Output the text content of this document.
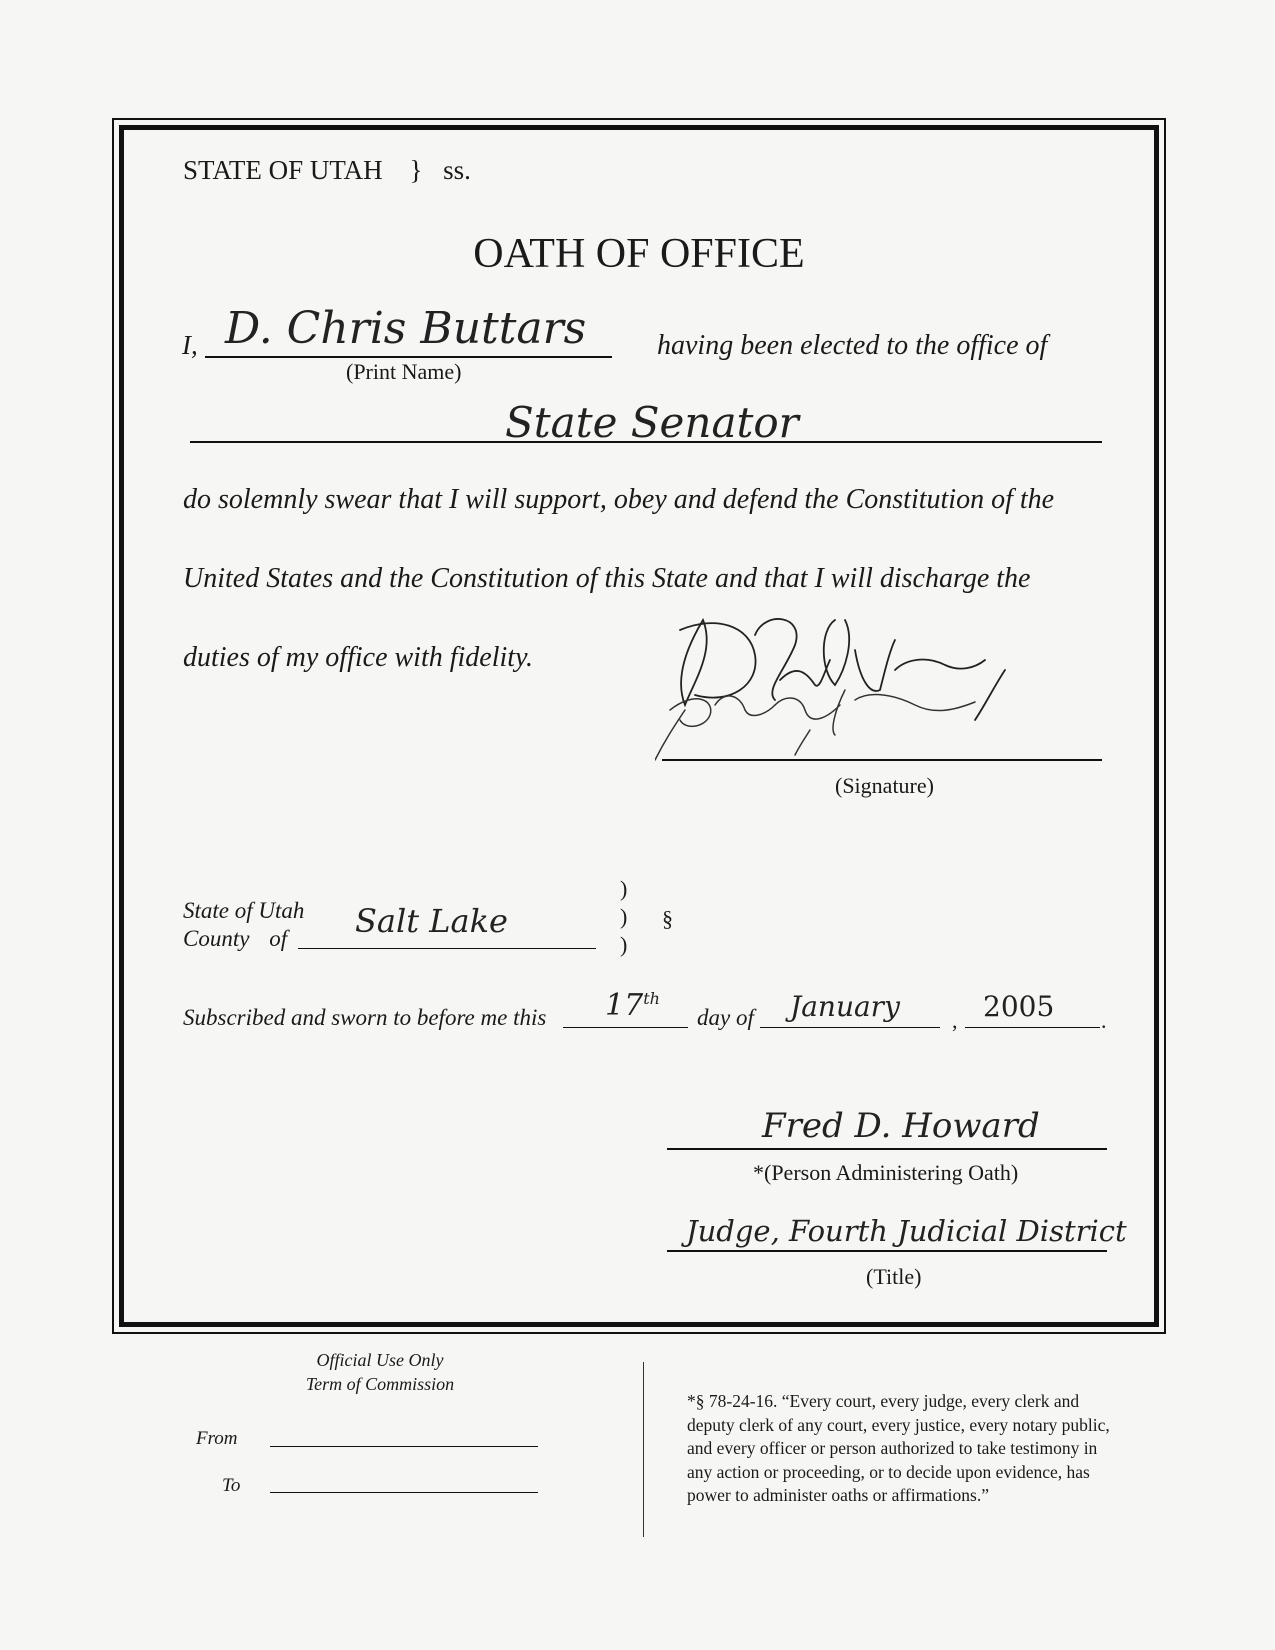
STATE OF UTAH } ss.
OATH OF OFFICE
I, D. Chris Buttars
(Print Name)
having been elected to the office of
State Senator
do solemnly swear that I will support, obey and defend the Constitution of the
United States and the Constitution of this State and that I will discharge the
duties of my office with fidelity.
(Signature)
State of Utah
County of Salt Lake
)
)
)
§
Subscribed and sworn to before me this 17th
day of January , 2005 .
Fred D. Howard
*(Person Administering Oath)
Judge, Fourth Judicial District
(Title)
Official Use Only
Term of Commission
From
To
*§ 78-24-16. “Every court, every judge, every clerk and
deputy clerk of any court, every justice, every notary public,
and every officer or person authorized to take testimony in
any action or proceeding, or to decide upon evidence, has
power to administer oaths or affirmations.”
